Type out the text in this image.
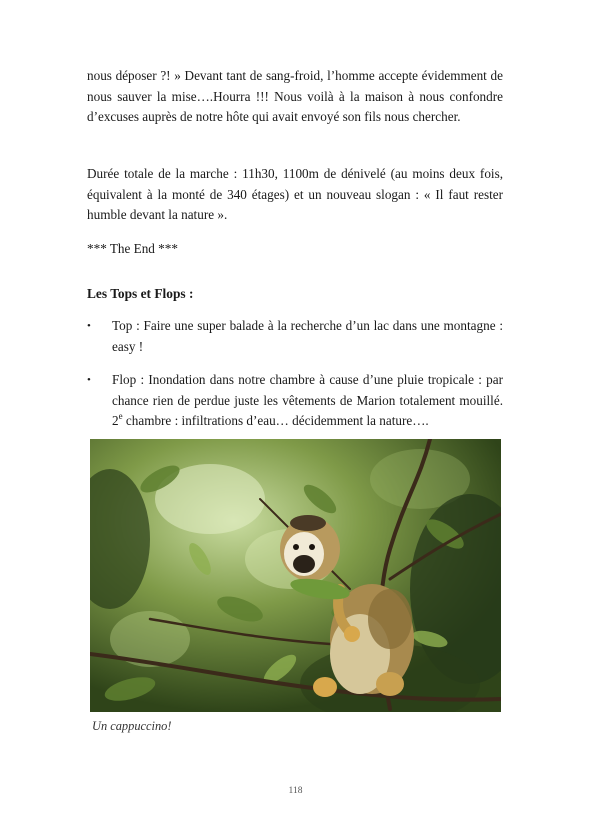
nous déposer ?! » Devant tant de sang-froid, l’homme accepte évidemment de nous sauver la mise….Hourra !!! Nous voilà à la maison à nous confondre d’excuses auprès de notre hôte qui avait envoyé son fils nous chercher.

Durée totale de la marche : 11h30, 1100m de dénivelé (au moins deux fois, équivalent à la monté de 340 étages) et un nouveau slogan : « Il faut rester humble devant la nature ».

*** The End ***
Les Tops et Flops :
•	Top : Faire une super balade à la recherche d’un lac dans une montagne : easy !
•	Flop : Inondation dans notre chambre à cause d’une pluie tropicale : par chance rien de perdue juste les vêtements de Marion totalement mouillé. 2e chambre : infiltrations d’eau… décidemment la nature….
Un cappuccino!
118
